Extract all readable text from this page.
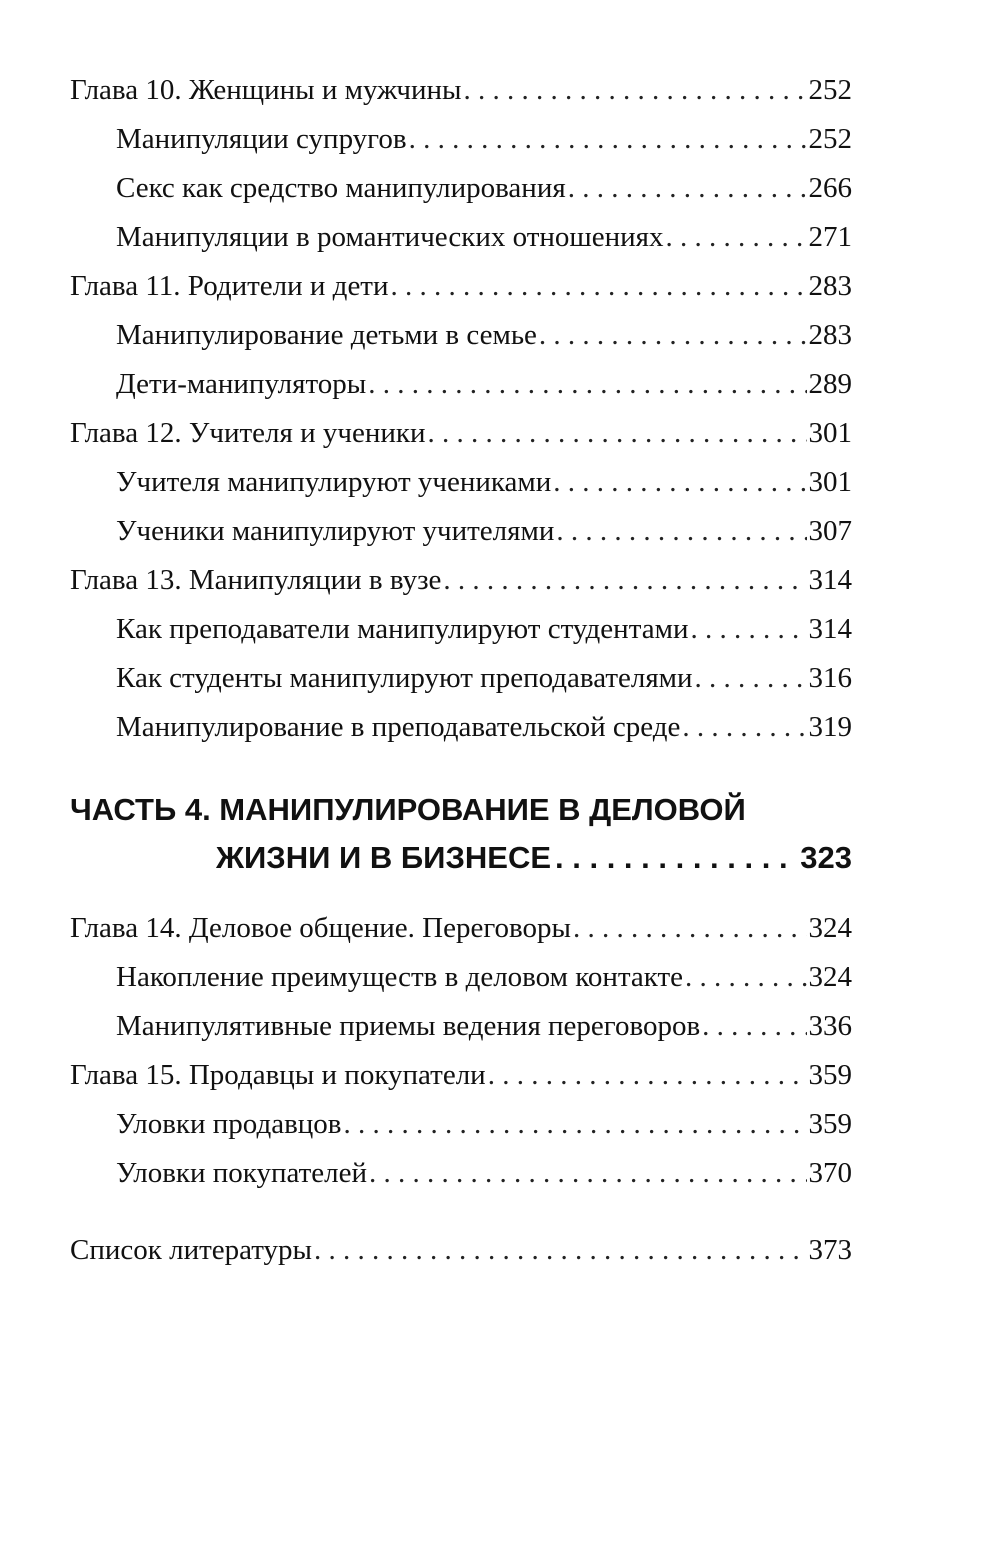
Глава 10. Женщины и мужчины . . .	252
Манипуляции супругов . . .	252
Секс как средство манипулирования . . .	266
Манипуляции в романтических отношениях . . .	271
Глава 11. Родители и дети . . .	283
Манипулирование детьми в семье . . .	283
Дети-манипуляторы . . .	289
Глава 12. Учителя и ученики . . .	301
Учителя манипулируют учениками . . .	301
Ученики манипулируют учителями . . .	307
Глава 13. Манипуляции в вузе . . .	314
Как преподаватели манипулируют студентами . . .	314
Как студенты манипулируют преподавателями . . .	316
Манипулирование в преподавательской среде . . .	319
ЧАСТЬ 4. МАНИПУЛИРОВАНИЕ В ДЕЛОВОЙ
ЖИЗНИ И В БИЗНЕСЕ . . .	323
Глава 14. Деловое общение. Переговоры . . .	324
Накопление преимуществ в деловом контакте . . .	324
Манипулятивные приемы ведения переговоров . . .	336
Глава 15. Продавцы и покупатели . . .	359
Уловки продавцов . . .	359
Уловки покупателей . . .	370
Список литературы . . .	373
